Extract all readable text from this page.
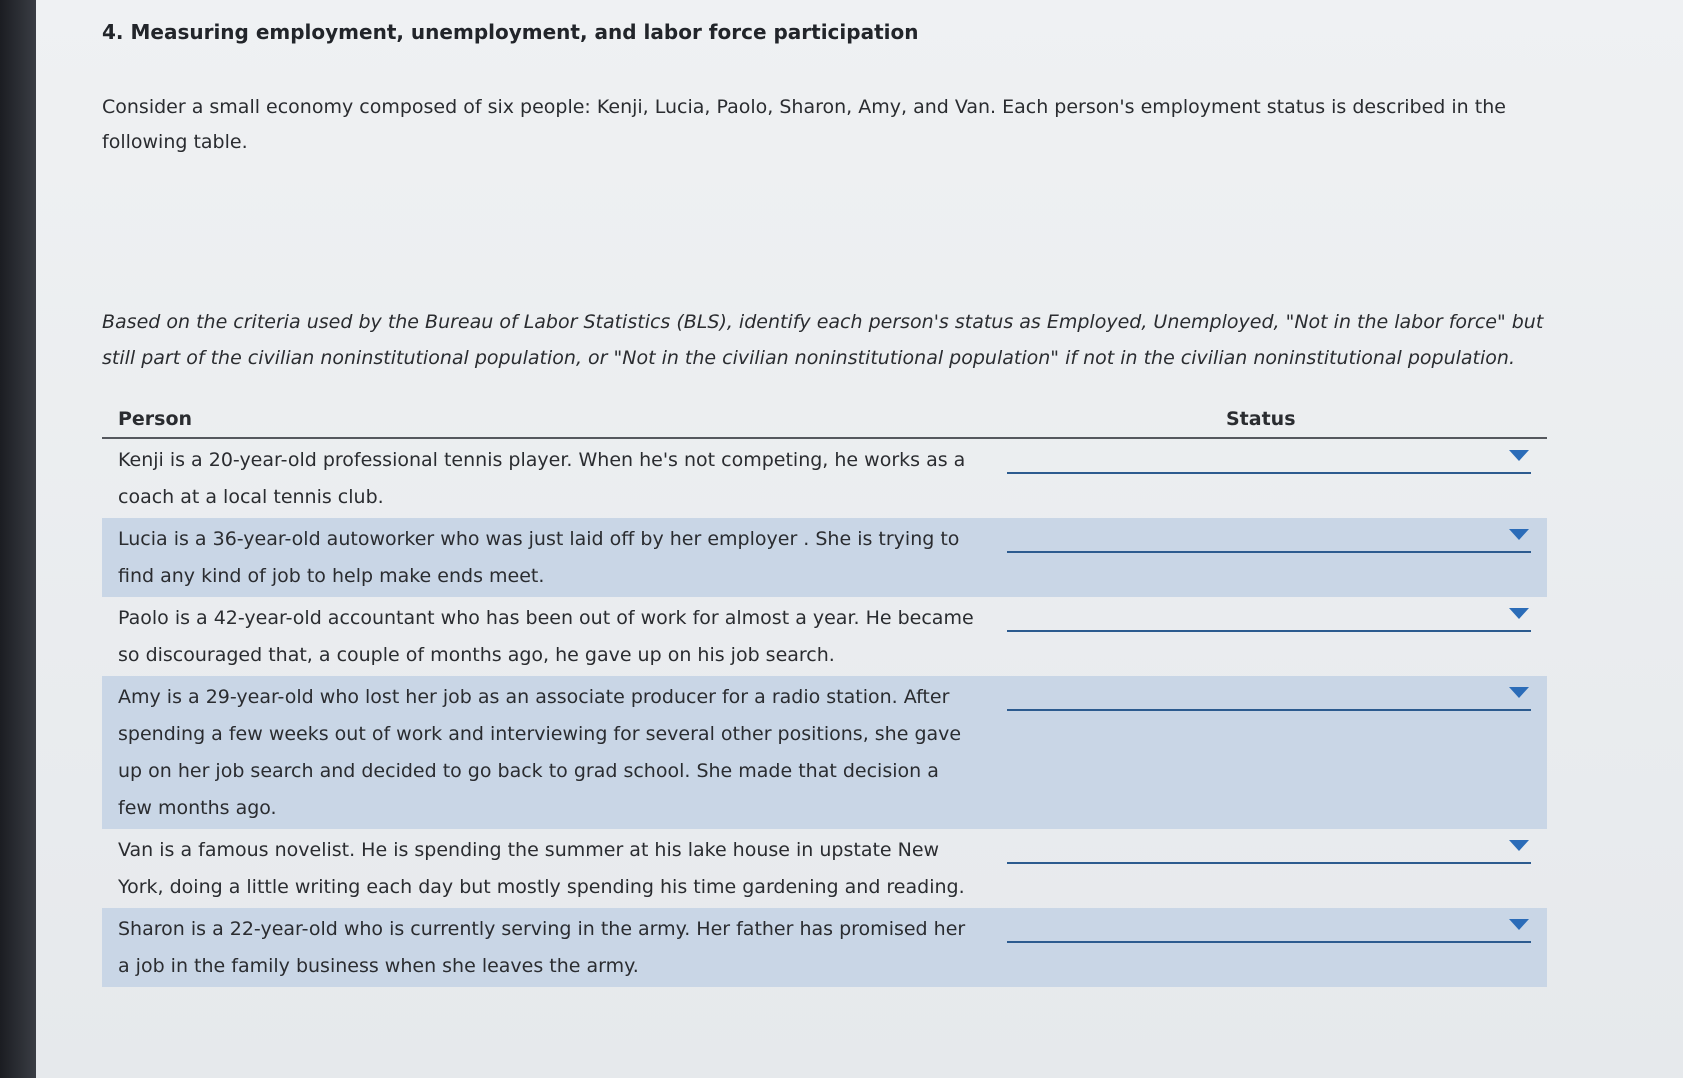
4. Measuring employment, unemployment, and labor force participation

Consider a small economy composed of six people: Kenji, Lucia, Paolo, Sharon, Amy, and Van. Each person's employment status is described in the following table.

Based on the criteria used by the Bureau of Labor Statistics (BLS), identify each person's status as Employed, Unemployed, "Not in the labor force" but still part of the civilian noninstitutional population, or "Not in the civilian noninstitutional population" if not in the civilian noninstitutional population.

Person	Status
Kenji is a 20-year-old professional tennis player. When he's not competing, he works as a coach at a local tennis club.	

Lucia is a 36-year-old autoworker who was just laid off by her employer . She is trying to find any kind of job to help make ends meet.	

Paolo is a 42-year-old accountant who has been out of work for almost a year. He became so discouraged that, a couple of months ago, he gave up on his job search.	

Amy is a 29-year-old who lost her job as an associate producer for a radio station. After spending a few weeks out of work and interviewing for several other positions, she gave up on her job search and decided to go back to grad school. She made that decision a few months ago.	

Van is a famous novelist. He is spending the summer at his lake house in upstate New York, doing a little writing each day but mostly spending his time gardening and reading.	

Sharon is a 22-year-old who is currently serving in the army. Her father has promised her a job in the family business when she leaves the army.	
